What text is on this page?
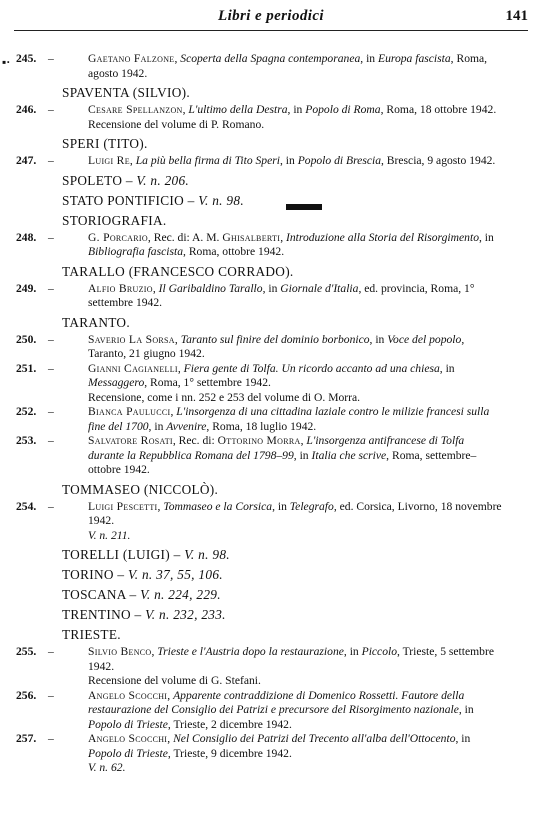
Libri e periodici	141
▪· 245. –	Gaetano Falzone, Scoperta della Spagna contemporanea, in Europa fascista, Roma, agosto 1942.
SPAVENTA (SILVIO).
246. –	Cesare Spellanzon, L'ultimo della Destra, in Popolo di Roma, Roma, 18 ottobre 1942.
Recensione del volume di P. Romano.
SPERI (TITO).
247. –	Luigi Re, La più bella firma di Tito Speri, in Popolo di Brescia, Brescia, 9 agosto 1942.
SPOLETO – V. n. 206.
STATO PONTIFICIO – V. n. 98.
STORIOGRAFIA.
248. –	G. Porcario, Rec. di: A. M. Ghisalberti, Introduzione alla Storia del Risorgimento, in Bibliografia fascista, Roma, ottobre 1942.
TARALLO (FRANCESCO CORRADO).
249. –	Alfio Bruzio, Il Garibaldino Tarallo, in Giornale d'Italia, ed. provincia, Roma, 1° settembre 1942.
TARANTO.
250. –	Saverio La Sorsa, Taranto sul finire del dominio borbonico, in Voce del popolo, Taranto, 21 giugno 1942.
251. –	Gianni Cagianelli, Fiera gente di Tolfa. Un ricordo accanto ad una chiesa, in Messaggero, Roma, 1° settembre 1942.
Recensione, come i nn. 252 e 253 del volume di O. Morra.
252. –	Bianca Paulucci, L'insorgenza di una cittadina laziale contro le milizie francesi sulla fine del 1700, in Avvenire, Roma, 18 luglio 1942.
253. –	Salvatore Rosati, Rec. di: Ottorino Morra, L'insorgenza antifrancese di Tolfa durante la Repubblica Romana del 1798–99, in Italia che scrive, Roma, settembre–ottobre 1942.
TOMMASEO (NICCOLÒ).
254. –	Luigi Pescetti, Tommaseo e la Corsica, in Telegrafo, ed. Corsica, Livorno, 18 novembre 1942.
V. n. 211.
TORELLI (LUIGI) – V. n. 98.
TORINO – V. n. 37, 55, 106.
TOSCANA – V. n. 224, 229.
TRENTINO – V. n. 232, 233.
TRIESTE.
255. –	Silvio Benco, Trieste e l'Austria dopo la restaurazione, in Piccolo, Trieste, 5 settembre 1942.
Recensione del volume di G. Stefani.
256. –	Angelo Scocchi, Apparente contraddizione di Domenico Rossetti. Fautore della restaurazione del Consiglio dei Patrizi e precursore del Risorgimento nazionale, in Popolo di Trieste, Trieste, 2 dicembre 1942.
257. –	Angelo Scocchi, Nel Consiglio dei Patrizi del Trecento all'alba dell'Ottocento, in Popolo di Trieste, Trieste, 9 dicembre 1942.
V. n. 62.
